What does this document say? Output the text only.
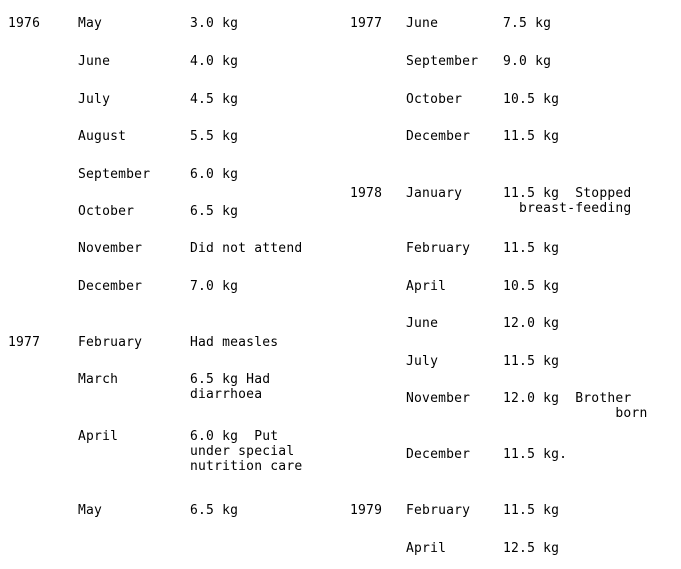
1976	May	3.0 kg
June	4.0 kg
July	4.5 kg
August	5.5 kg
September	6.0 kg
October	6.5 kg
November	Did not attend
December	7.0 kg
1977	February	Had measles
March	6.5 kg Had
diarrhoea
April	6.0 kg  Put
under special
nutrition care
May	6.5 kg
1977 June	7.5 kg
September 9.0 kg
October	10.5 kg
December	11.5 kg
1978 January	11.5 kg  Stopped
breast-feeding
February	11.5 kg
April	10.5 kg
June	12.0 kg
July	11.5 kg
November	12.0 kg  Brother
born
December	11.5 kg.
1979 February	11.5 kg
April	12.5 kg
